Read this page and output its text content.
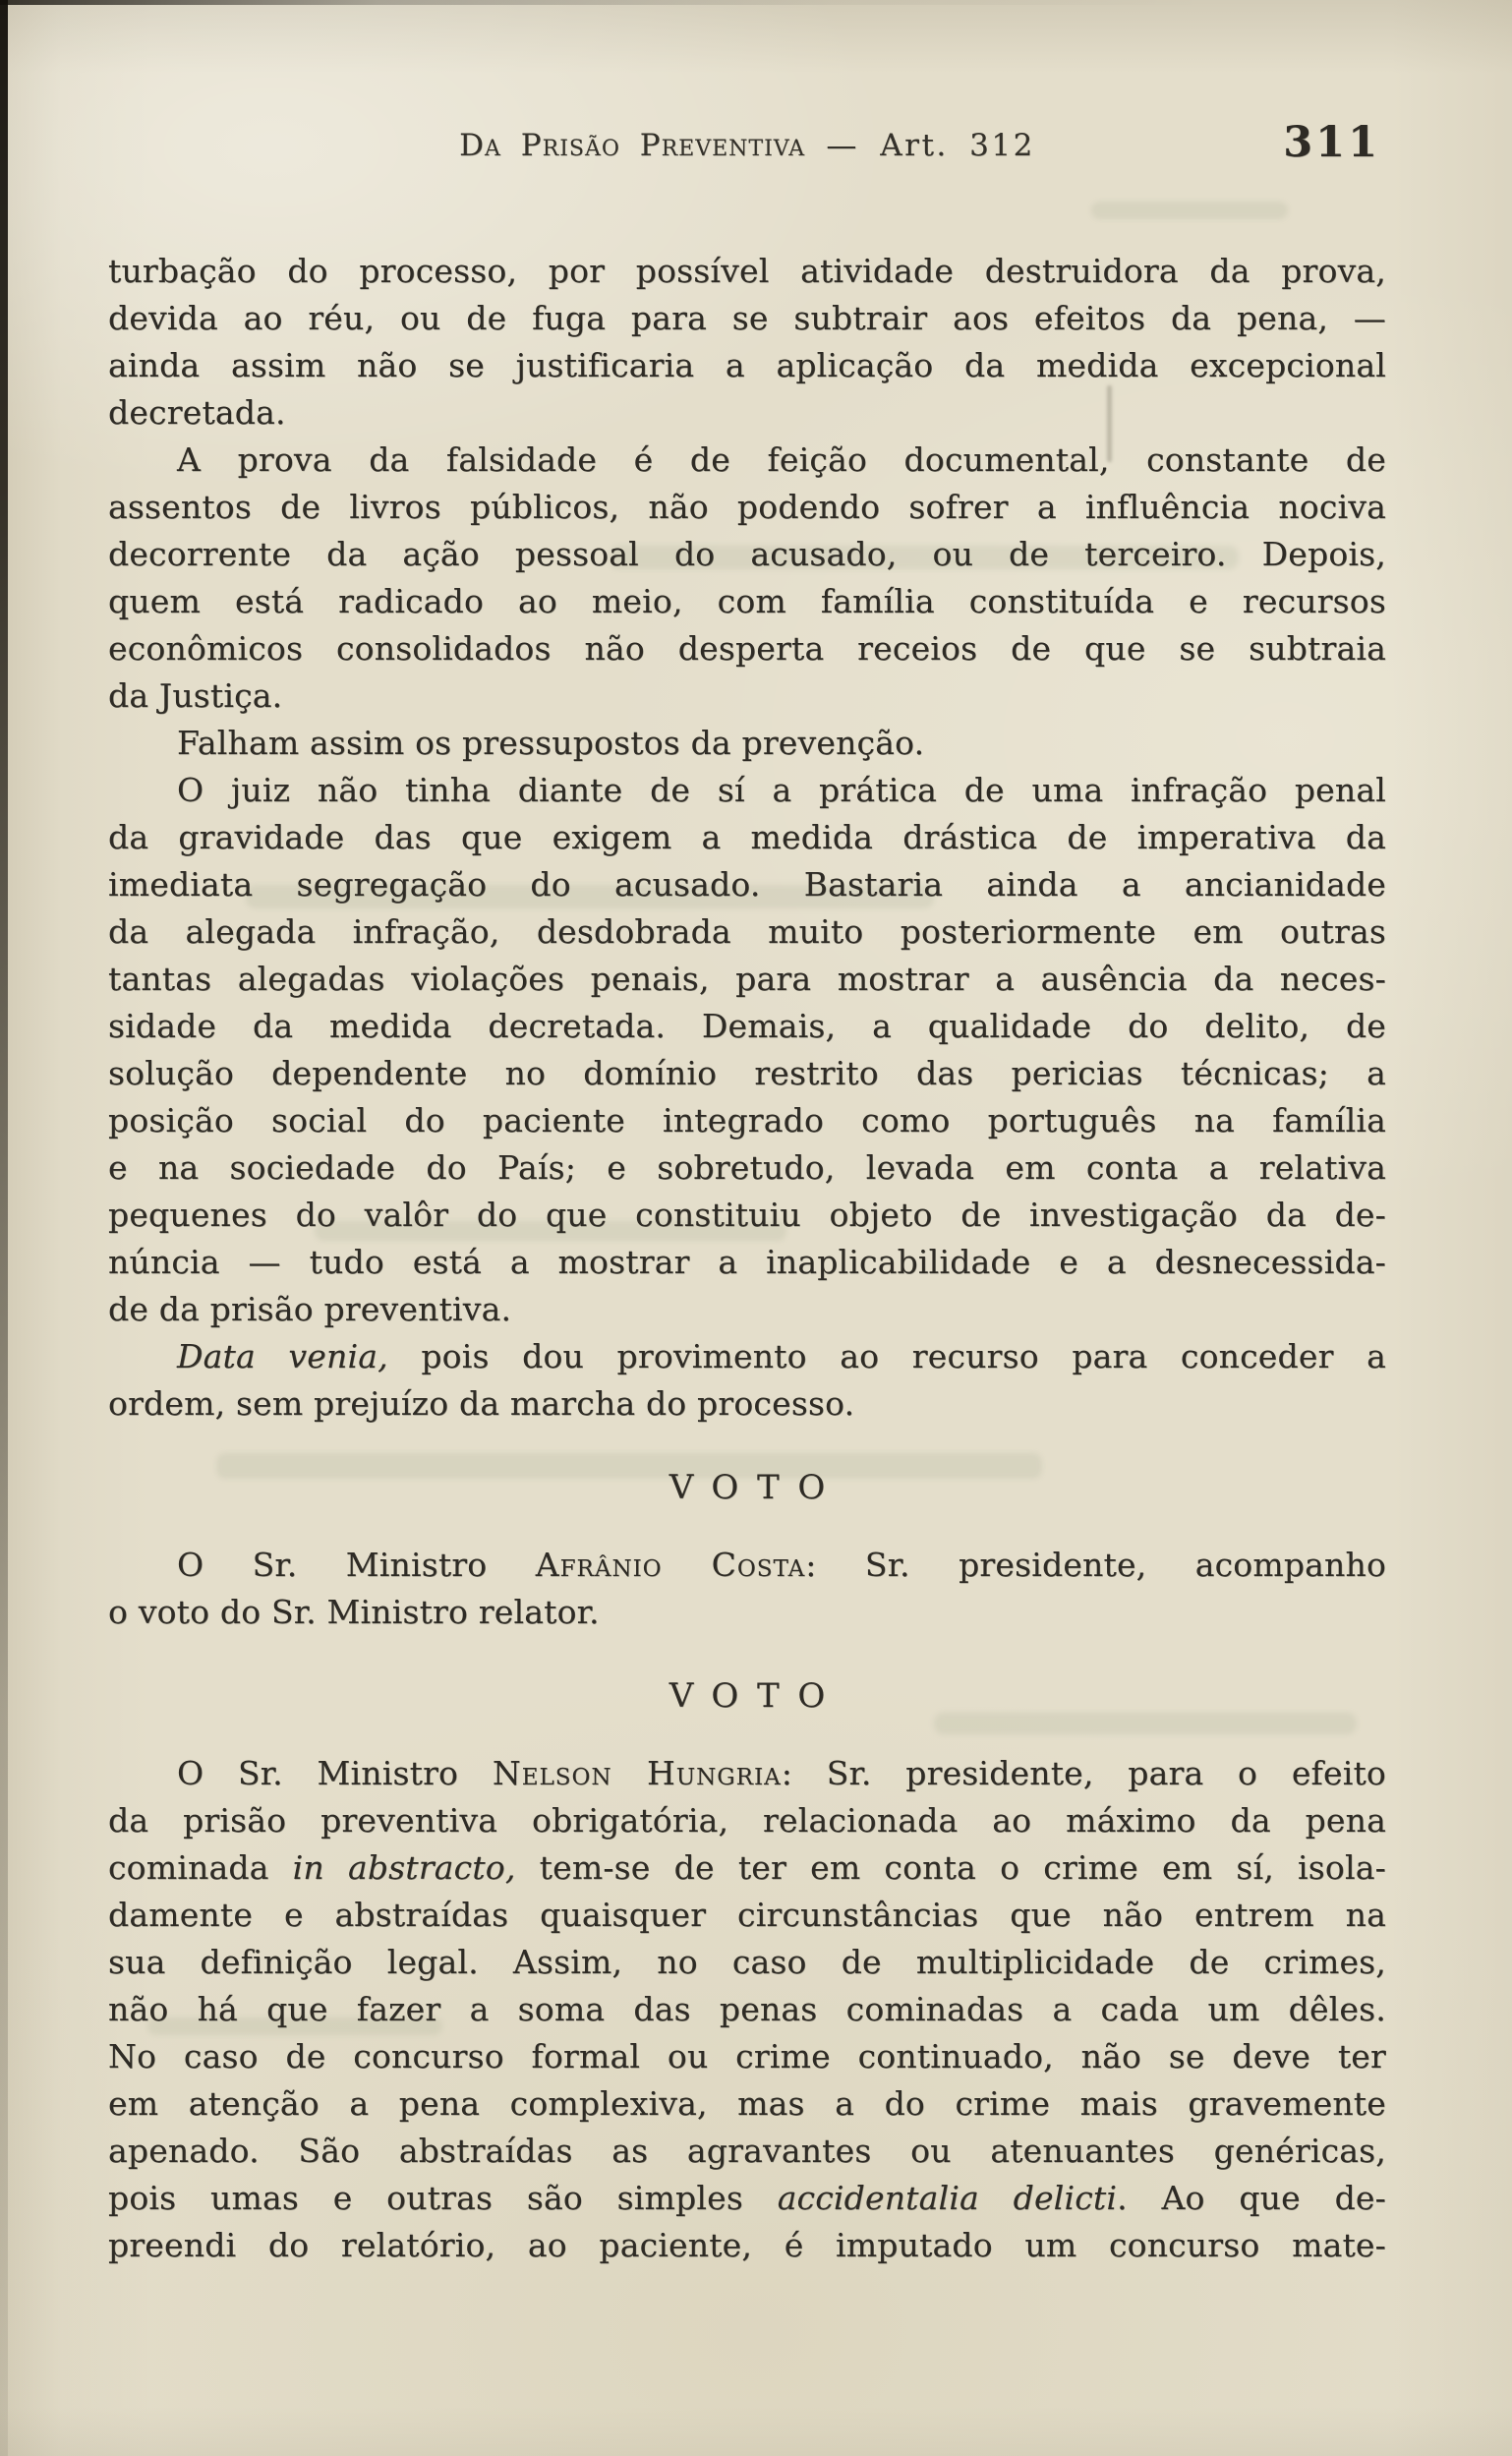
Da Prisão Preventiva — Art. 312	311
turbação do processo, por possível atividade destruidora da prova,
devida ao réu, ou de fuga para se subtrair aos efeitos da pena, —
ainda assim não se justificaria a aplicação da medida excepcional
decretada.
A prova da falsidade é de feição documental, constante de
assentos de livros públicos, não podendo sofrer a influência nociva
decorrente da ação pessoal do acusado, ou de terceiro. Depois,
quem está radicado ao meio, com família constituída e recursos
econômicos consolidados não desperta receios de que se subtraia
da Justiça.
Falham assim os pressupostos da prevenção.
O juiz não tinha diante de sí a prática de uma infração penal
da gravidade das que exigem a medida drástica de imperativa da
imediata segregação do acusado. Bastaria ainda a ancianidade
da alegada infração, desdobrada muito posteriormente em outras
tantas alegadas violações penais, para mostrar a ausência da neces-
sidade da medida decretada. Demais, a qualidade do delito, de
solução dependente no domínio restrito das pericias técnicas; a
posição social do paciente integrado como português na família
e na sociedade do País; e sobretudo, levada em conta a relativa
pequenes do valôr do que constituiu objeto de investigação da de-
núncia — tudo está a mostrar a inaplicabilidade e a desnecessida-
de da prisão preventiva.
Data venia, pois dou provimento ao recurso para conceder a
ordem, sem prejuízo da marcha do processo.
VOTO
O Sr. Ministro Afrânio Costa: Sr. presidente, acompanho
o voto do Sr. Ministro relator.
VOTO
O Sr. Ministro Nelson Hungria: Sr. presidente, para o efeito
da prisão preventiva obrigatória, relacionada ao máximo da pena
cominada in abstracto, tem-se de ter em conta o crime em sí, isola-
damente e abstraídas quaisquer circunstâncias que não entrem na
sua definição legal. Assim, no caso de multiplicidade de crimes,
não há que fazer a soma das penas cominadas a cada um dêles.
No caso de concurso formal ou crime continuado, não se deve ter
em atenção a pena complexiva, mas a do crime mais gravemente
apenado. São abstraídas as agravantes ou atenuantes genéricas,
pois umas e outras são simples accidentalia delicti. Ao que de-
preendi do relatório, ao paciente, é imputado um concurso mate-
